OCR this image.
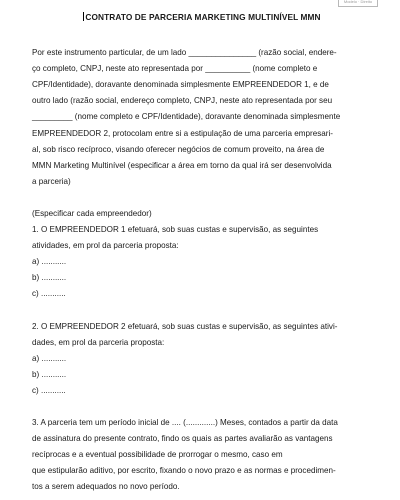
Modelo · Direito
CONTRATO DE PARCERIA MARKETING MULTINÍVEL MMN

Por este instrumento particular, de um lado _______________ (razão social, endere-
ço completo, CNPJ, neste ato representada por __________ (nome completo e
CPF/Identidade), doravante denominada simplesmente EMPREENDEDOR 1, e de
outro lado (razão social, endereço completo, CNPJ, neste ato representada por seu
_________ (nome completo e CPF/Identidade), doravante denominada simplesmente
EMPREENDEDOR 2, protocolam entre si a estipulação de uma parceria empresari-
al, sob risco recíproco, visando oferecer negócios de comum proveito, na área de
MMN Marketing Multinível (especificar a área em torno da qual irá ser desenvolvida
a parceria)

(Especificar cada empreendedor)

1. O EMPREENDEDOR 1 efetuará, sob suas custas e supervisão, as seguintes
atividades, em prol da parceria proposta:

a) ...........

b) ...........

c) ...........

2. O EMPREENDEDOR 2 efetuará, sob suas custas e supervisão, as seguintes ativi-
dades, em prol da parceria proposta:

a) ...........

b) ...........

c) ...........

3. A parceria tem um período inicial de .... (.............) Meses, contados a partir da data
de assinatura do presente contrato, findo os quais as partes avaliarão as vantagens
recíprocas e a eventual possibilidade de prorrogar o mesmo, caso em
que estipularão aditivo, por escrito, fixando o novo prazo e as normas e procedimen-
tos a serem adequados no novo período.
